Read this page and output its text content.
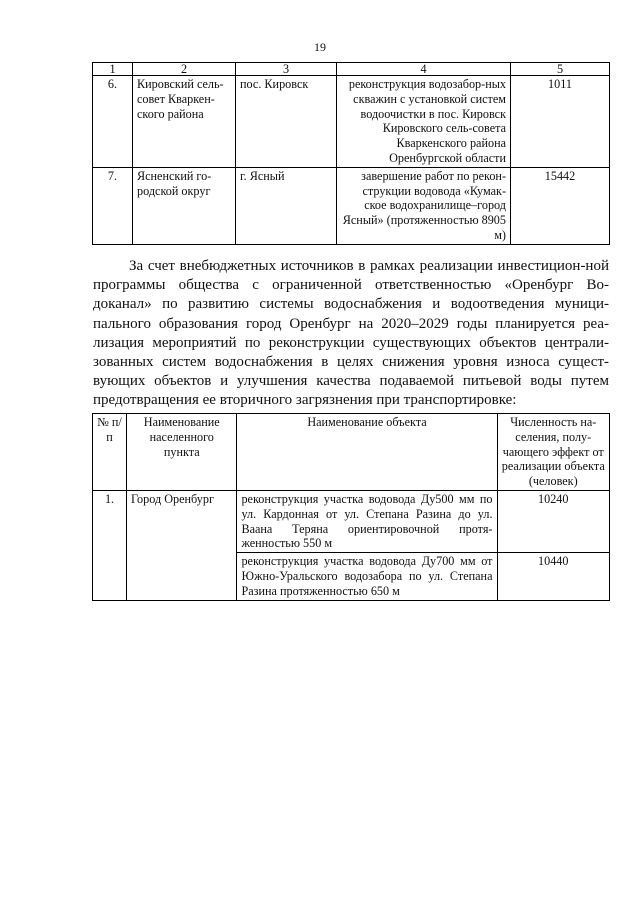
19
1	2	3	4	5
6.	Кировский сель-совет Кваркен-ского района	пос. Кировск	реконструкция водозабор-ных скважин с установкой систем водоочистки в пос. Кировск Кировского сель-совета Кваркенского района Оренбургской области	1011
7.	Ясненский го-родской округ	г. Ясный	завершение работ по рекон-струкции водовода «Кумак-ское водохранилище–город Ясный» (протяженностью 8905 м)	15442

За счет внебюджетных источников в рамках реализации инвестицион-ной программы общества с ограниченной ответственностью «Оренбург Во-доканал» по развитию системы водоснабжения и водоотведения муници-пального образования город Оренбург на 2020–2029 годы планируется реа-лизация мероприятий по реконструкции существующих объектов централи-зованных систем водоснабжения в целях снижения уровня износа сущест-вующих объектов и улучшения качества подаваемой питьевой воды путем предотвращения ее вторичного загрязнения при транспортировке:

№ п/п	Наименование населенного пункта	Наименование объекта	Численность на-селения, полу-чающего эффект от реализации объекта (человек)
1.	Город Оренбург	реконструкция участка водовода Ду500 мм по ул. Кардонная от ул. Степана Разина до ул. Ваана Теряна ориентировочной протя-женностью 550 м	10240
		реконструкция участка водовода Ду700 мм от Южно-Уральского водозабора по ул. Степана Разина протяженностью 650 м	10440
